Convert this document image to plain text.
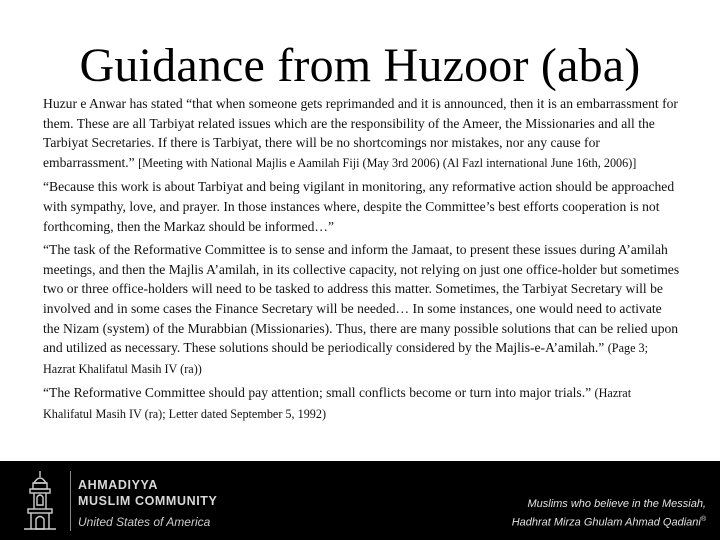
Guidance from Huzoor (aba)

Huzur e Anwar has stated “that when someone gets reprimanded and it is announced, then it is an embarrassment for them. These are all Tarbiyat related issues which are the responsibility of the Ameer, the Missionaries and all the Tarbiyat Secretaries. If there is Tarbiyat, there will be no shortcomings nor mistakes, nor any cause for embarrassment.” [Meeting with National Majlis e Aamilah Fiji (May 3rd 2006) (Al Fazl international June 16th, 2006)]

“Because this work is about Tarbiyat and being vigilant in monitoring, any reformative action should be approached with sympathy, love, and prayer. In those instances where, despite the Committee’s best efforts cooperation is not forthcoming, then the Markaz should be informed…”

“The task of the Reformative Committee is to sense and inform the Jamaat, to present these issues during A’amilah meetings, and then the Majlis A’amilah, in its collective capacity, not relying on just one office-holder but sometimes two or three office-holders will need to be tasked to address this matter. Sometimes, the Tarbiyat Secretary will be involved and in some cases the Finance Secretary will be needed… In some instances, one would need to activate the Nizam (system) of the Murabbian (Missionaries). Thus, there are many possible solutions that can be relied upon and utilized as necessary. These solutions should be periodically considered by the Majlis-e-A’amilah.” (Page 3; Hazrat Khalifatul Masih IV (ra))

“The Reformative Committee should pay attention; small conflicts become or turn into major trials.” (Hazrat Khalifatul Masih IV (ra); Letter dated September 5, 1992)

AHMADIYYA
MUSLIM COMMUNITY
United States of America
Muslims who believe in the Messiah,
Hadhrat Mirza Ghulam Ahmad Qadiani®
